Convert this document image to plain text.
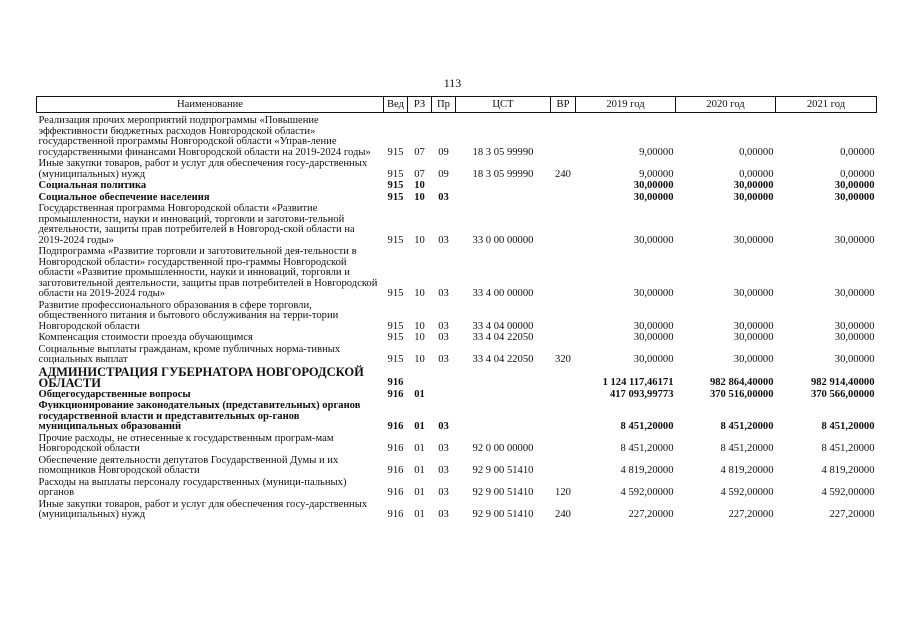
113
Наименование	Вед	РЗ	Пр	ЦСТ	ВР	2019 год	2020 год	2021 год
Реализация прочих мероприятий подпрограммы «Повышение эффективности бюджетных расходов Новгородской области» государственной программы Новгородской области «Управ-ление государственными финансами Новгородской области на 2019-2024 годы»	915	07	09	18 3 05 99990		9,00000	0,00000	0,00000
Иные закупки товаров, работ и услуг для обеспечения госу-дарственных (муниципальных) нужд	915	07	09	18 3 05 99990	240	9,00000	0,00000	0,00000
Социальная политика	915	10				30,00000	30,00000	30,00000
Социальное обеспечение населения	915	10	03			30,00000	30,00000	30,00000
Государственная программа Новгородской области «Развитие промышленности, науки и инноваций, торговли и заготови-тельной деятельности, защиты прав потребителей в Новгород-ской области на 2019-2024 годы»	915	10	03	33 0 00 00000		30,00000	30,00000	30,00000
Подпрограмма «Развитие торговли и заготовительной дея-тельности в Новгородской области» государственной про-граммы Новгородской области «Развитие промышленности, науки и инноваций, торговли и заготовительной деятельности, защиты прав потребителей в Новгородской области на 2019-2024 годы»	915	10	03	33 4 00 00000		30,00000	30,00000	30,00000
Развитие профессионального образования в сфере торговли, общественного питания и бытового обслуживания на терри-тории Новгородской области	915	10	03	33 4 04 00000		30,00000	30,00000	30,00000
Компенсация стоимости проезда обучающимся	915	10	03	33 4 04 22050		30,00000	30,00000	30,00000
Социальные выплаты гражданам, кроме публичных норма-тивных социальных выплат	915	10	03	33 4 04 22050	320	30,00000	30,00000	30,00000
АДМИНИСТРАЦИЯ ГУБЕРНАТОРА НОВГОРОДСКОЙ ОБЛАСТИ	916					1 124 117,46171	982 864,40000	982 914,40000
Общегосударственные вопросы	916	01				417 093,99773	370 516,00000	370 566,00000
Функционирование законодательных (представительных) органов государственной власти и представительных ор-ганов муниципальных образований	916	01	03			8 451,20000	8 451,20000	8 451,20000
Прочие расходы, не отнесенные к государственным програм-мам Новгородской области	916	01	03	92 0 00 00000		8 451,20000	8 451,20000	8 451,20000
Обеспечение деятельности депутатов Государственной Думы и их помощников Новгородской области	916	01	03	92 9 00 51410		4 819,20000	4 819,20000	4 819,20000
Расходы на выплаты персоналу государственных (муници-пальных) органов	916	01	03	92 9 00 51410	120	4 592,00000	4 592,00000	4 592,00000
Иные закупки товаров, работ и услуг для обеспечения госу-дарственных (муниципальных) нужд	916	01	03	92 9 00 51410	240	227,20000	227,20000	227,20000
